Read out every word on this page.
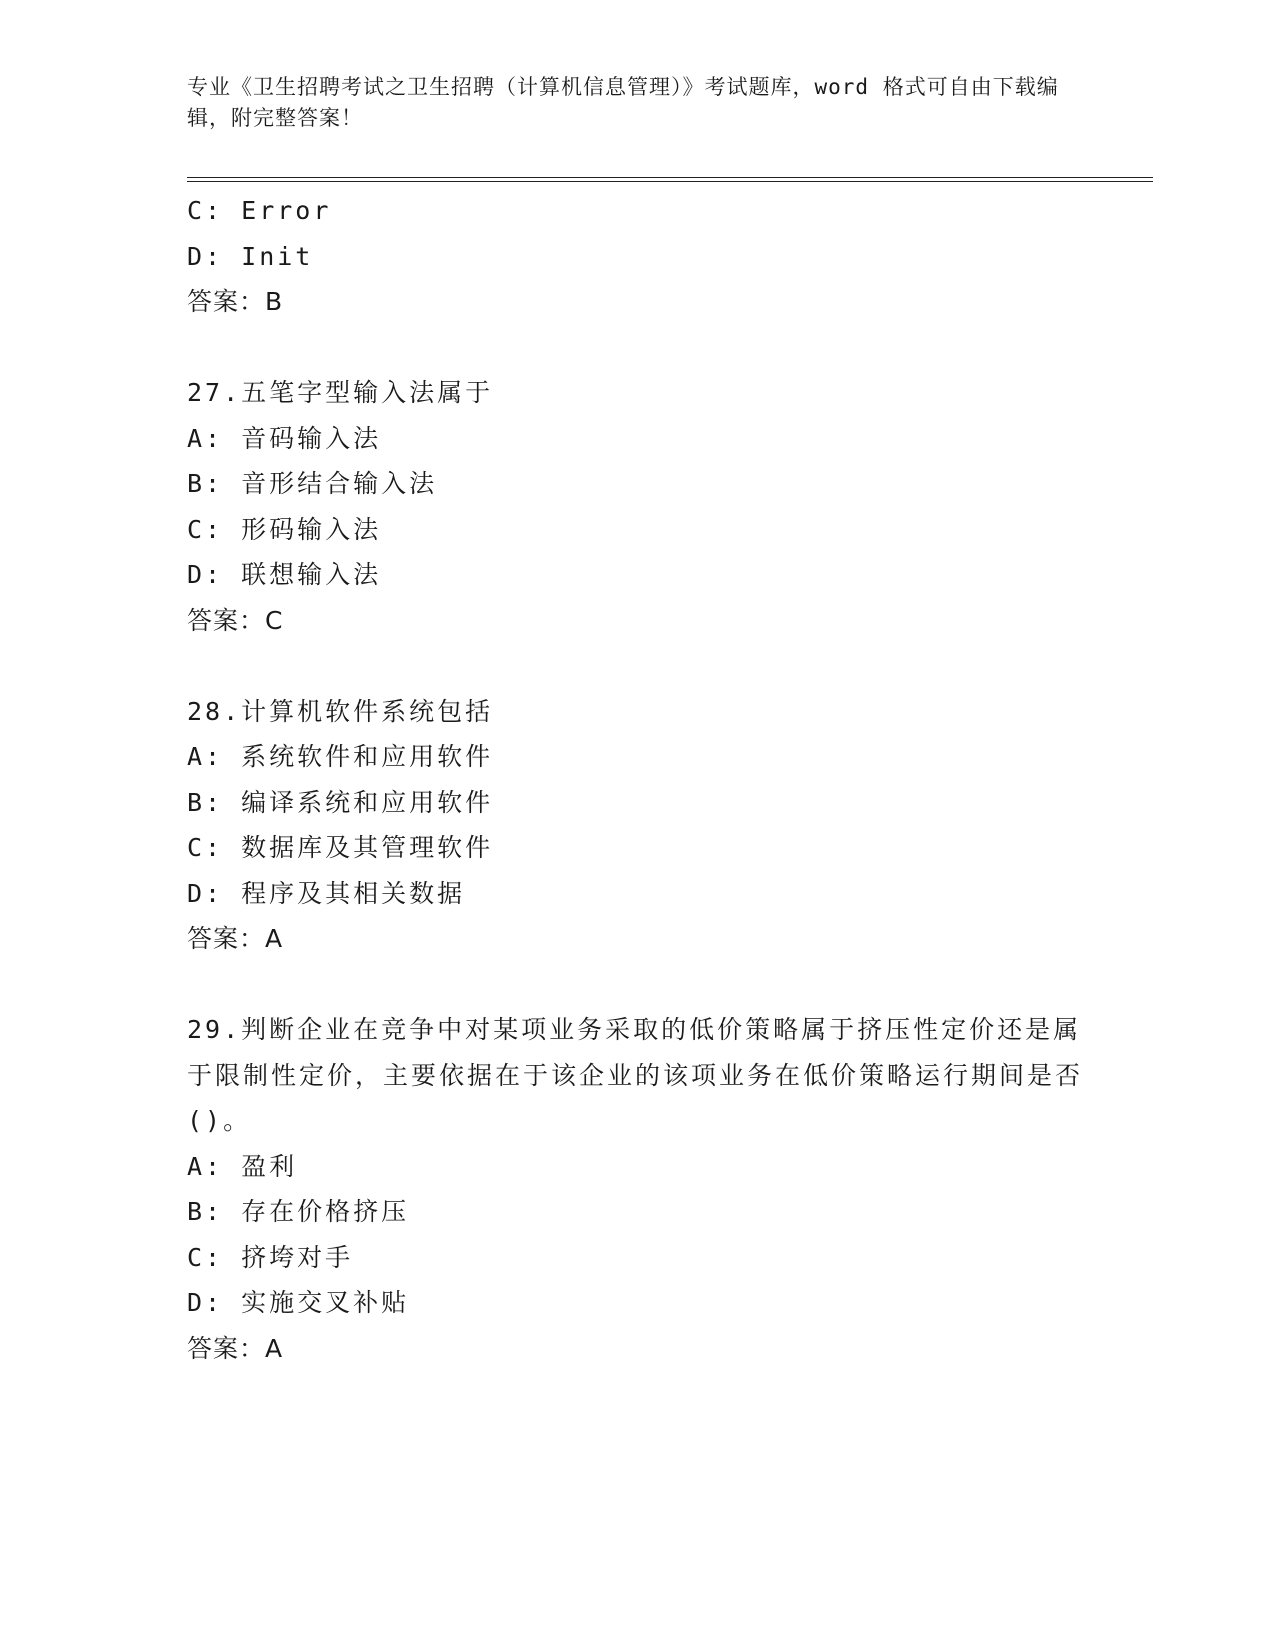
专业《卫生招聘考试之卫生招聘（计算机信息管理）》考试题库，word 格式可自由下载编辑，附完整答案！
C: Error
D: Init
答案：B
27.五笔字型输入法属于
A: 音码输入法
B: 音形结合输入法
C: 形码输入法
D: 联想输入法
答案：C
28.计算机软件系统包括
A: 系统软件和应用软件
B: 编译系统和应用软件
C: 数据库及其管理软件
D: 程序及其相关数据
答案：A
29.判断企业在竞争中对某项业务采取的低价策略属于挤压性定价还是属于限制性定价，主要依据在于该企业的该项业务在低价策略运行期间是否()。
A: 盈利
B: 存在价格挤压
C: 挤垮对手
D: 实施交叉补贴
答案：A
